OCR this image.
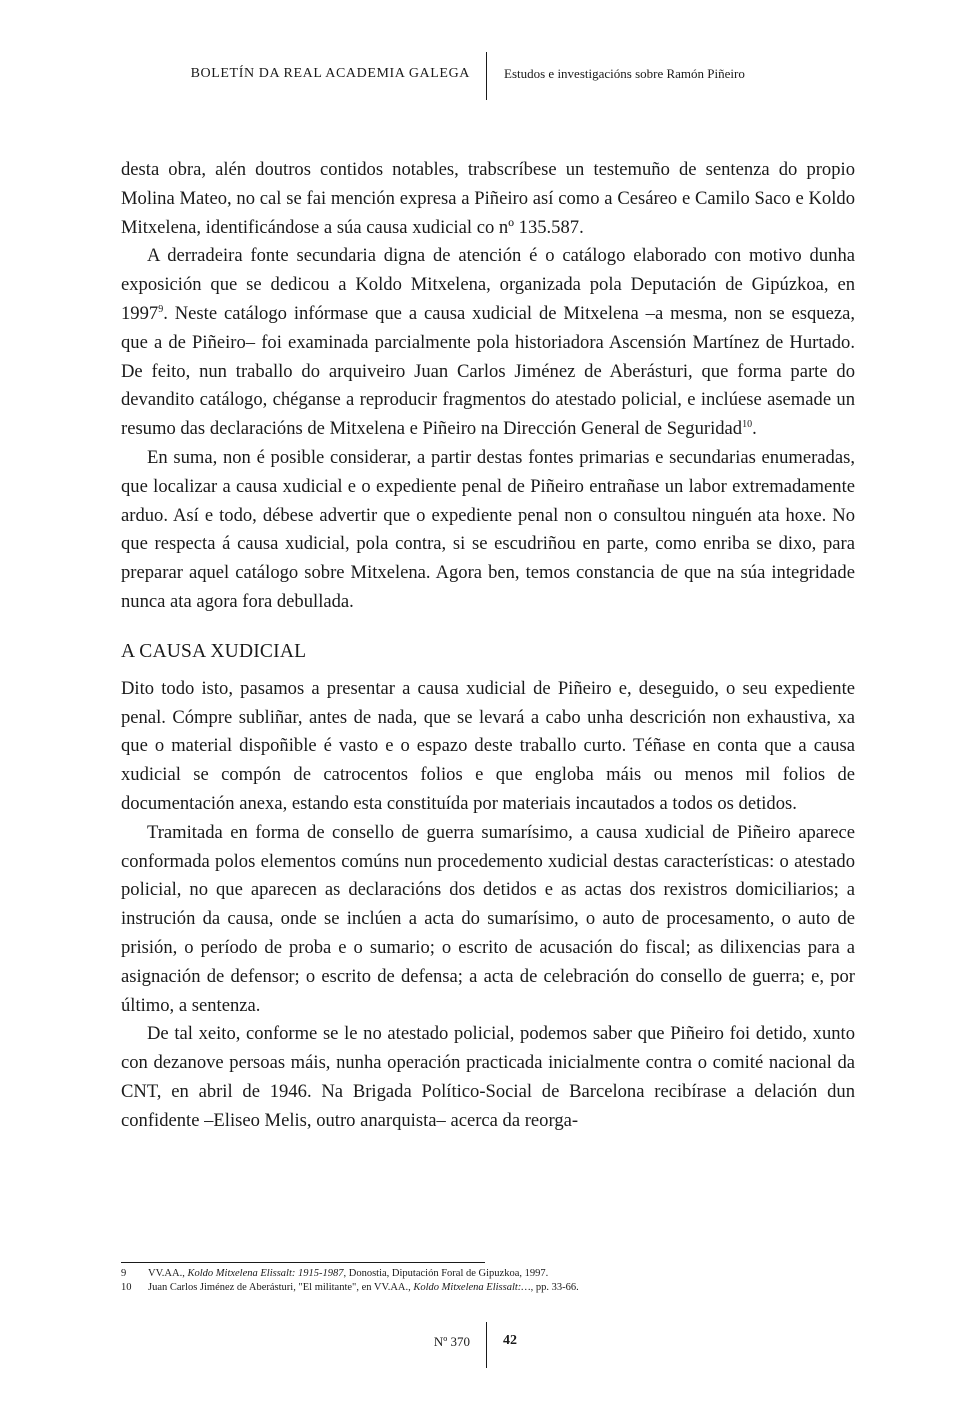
BOLETÍN DA REAL ACADEMIA GALEGA	Estudos e investigacións sobre Ramón Piñeiro

desta obra, alén doutros contidos notables, trabscríbese un testemuño de sentenza do propio Molina Mateo, no cal se fai mención expresa a Piñeiro así como a Cesáreo e Camilo Saco e Koldo Mitxelena, identificándose a súa causa xudicial co nº 135.587.

A derradeira fonte secundaria digna de atención é o catálogo elaborado con motivo dunha exposición que se dedicou a Koldo Mitxelena, organizada pola Deputación de Gipúzkoa, en 1997$^9$. Neste catálogo infórmase que a causa xudicial de Mitxelena –a mesma, non se esqueza, que a de Piñeiro– foi examinada parcialmente pola historiadora Ascensión Martínez de Hurtado. De feito, nun traballo do arquiveiro Juan Carlos Jiménez de Aberásturi, que forma parte do devandito catálogo, chéganse a reproducir fragmentos do atestado policial, e inclúese asemade un resumo das declaracións de Mitxelena e Piñeiro na Dirección General de Seguridad$^{10}$.

En suma, non é posible considerar, a partir destas fontes primarias e secundarias enumeradas, que localizar a causa xudicial e o expediente penal de Piñeiro entrañase un labor extremadamente arduo. Así e todo, débese advertir que o expediente penal non o consultou ninguén ata hoxe. No que respecta á causa xudicial, pola contra, si se escudriñou en parte, como enriba se dixo, para preparar aquel catálogo sobre Mitxelena. Agora ben, temos constancia de que na súa integridade nunca ata agora fora debullada.

A CAUSA XUDICIAL

Dito todo isto, pasamos a presentar a causa xudicial de Piñeiro e, deseguido, o seu expediente penal. Cómpre subliñar, antes de nada, que se levará a cabo unha descrición non exhaustiva, xa que o material dispoñible é vasto e o espazo deste traballo curto. Téñase en conta que a causa xudicial se compón de catrocentos folios e que engloba máis ou menos mil folios de documentación anexa, estando esta constituída por materiais incautados a todos os detidos.

Tramitada en forma de consello de guerra sumarísimo, a causa xudicial de Piñeiro aparece conformada polos elementos comúns nun procedemento xudicial destas características: o atestado policial, no que aparecen as declaracións dos detidos e as actas dos rexistros domiciliarios; a instrución da causa, onde se inclúen a acta do sumarísimo, o auto de procesamento, o auto de prisión, o período de proba e o sumario; o escrito de acusación do fiscal; as dilixencias para a asignación de defensor; o escrito de defensa; a acta de celebración do consello de guerra; e, por último, a sentenza.

De tal xeito, conforme se le no atestado policial, podemos saber que Piñeiro foi detido, xunto con dezanove persoas máis, nunha operación practicada inicialmente contra o comité nacional da CNT, en abril de 1946. Na Brigada Político-Social de Barcelona recibírase a delación dun confidente –Eliseo Melis, outro anarquista– acerca da reorga-

9	VV.AA., Koldo Mitxelena Elissalt: 1915-1987, Donostia, Diputación Foral de Gipuzkoa, 1997.
10	Juan Carlos Jiménez de Aberásturi, "El militante", en VV.AA., Koldo Mitxelena Elissalt:…, pp. 33-66.
Nº 370 42
